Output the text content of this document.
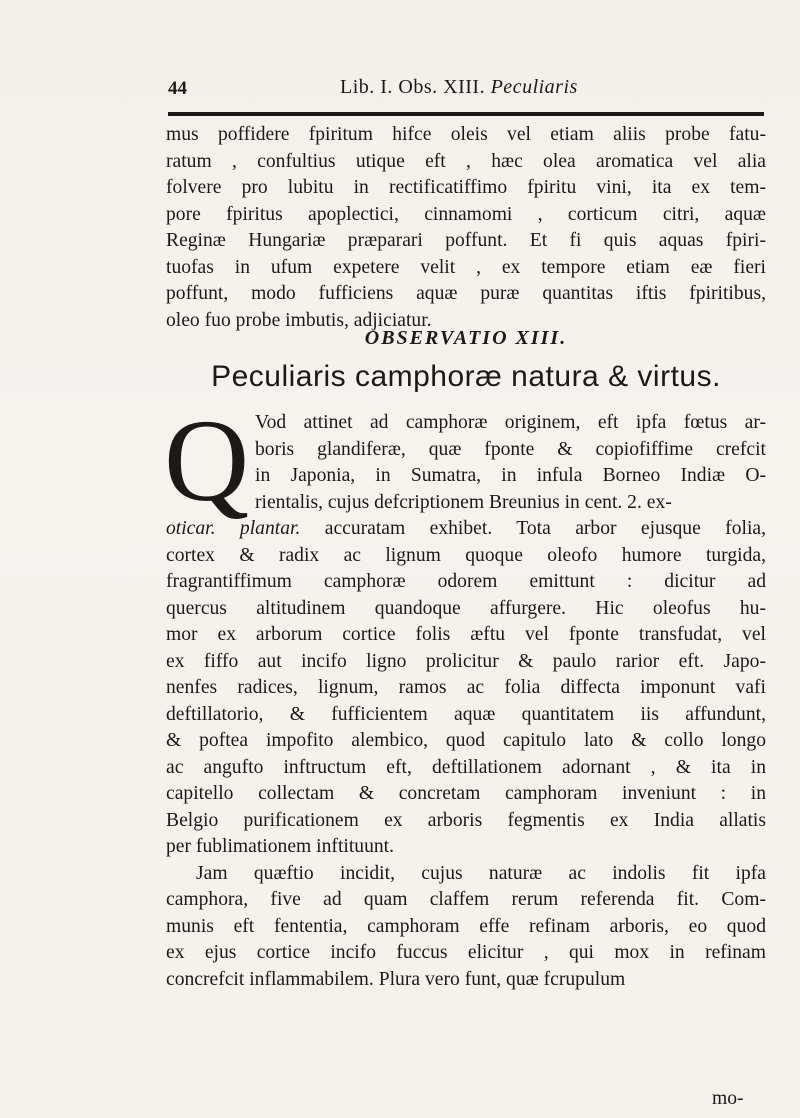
44	Lib. I. Obs. XIII. Peculiaris
mus poffidere fpiritum hifce oleis vel etiam aliis probe fatu-
ratum , confultius utique eft , hæc olea aromatica vel alia
folvere pro lubitu in rectificatiffimo fpiritu vini, ita ex tem-
pore fpiritus apoplectici, cinnamomi , corticum citri, aquæ
Reginæ Hungariæ præparari poffunt. Et fi quis aquas fpiri-
tuofas in ufum expetere velit , ex tempore etiam eæ fieri
poffunt, modo fufficiens aquæ puræ quantitas iftis fpiritibus,
oleo fuo probe imbutis, adjiciatur.
OBSERVATIO XIII.
Peculiaris camphoræ natura & virtus.
Q Vod attinet ad camphoræ originem, eft ipfa fœtus ar-
boris glandiferæ, quæ fponte & copiofiffime crefcit
in Japonia, in Sumatra, in infula Borneo Indiæ O-
rientalis, cujus defcriptionem Breunius in cent. 2. ex-
oticar. plantar. accuratam exhibet. Tota arbor ejusque folia,
cortex & radix ac lignum quoque oleofo humore turgida,
fragrantiffimum camphoræ odorem emittunt : dicitur ad
quercus altitudinem quandoque affurgere. Hic oleofus hu-
mor ex arborum cortice folis æftu vel fponte transfudat, vel
ex fiffo aut incifo ligno prolicitur & paulo rarior eft. Japo-
nenfes radices, lignum, ramos ac folia diffecta imponunt vafi
deftillatorio, & fufficientem aquæ quantitatem iis affundunt,
& poftea impofito alembico, quod capitulo lato & collo longo
ac angufto inftructum eft, deftillationem adornant , & ita in
capitello collectam & concretam camphoram inveniunt : in
Belgio purificationem ex arboris fegmentis ex India allatis
per fublimationem inftituunt.
Jam quæftio incidit, cujus naturæ ac indolis fit ipfa
camphora, five ad quam claffem rerum referenda fit. Com-
munis eft fententia, camphoram effe refinam arboris, eo quod
ex ejus cortice incifo fuccus elicitur , qui mox in refinam
concrefcit inflammabilem. Plura vero funt, quæ fcrupulum
mo-
